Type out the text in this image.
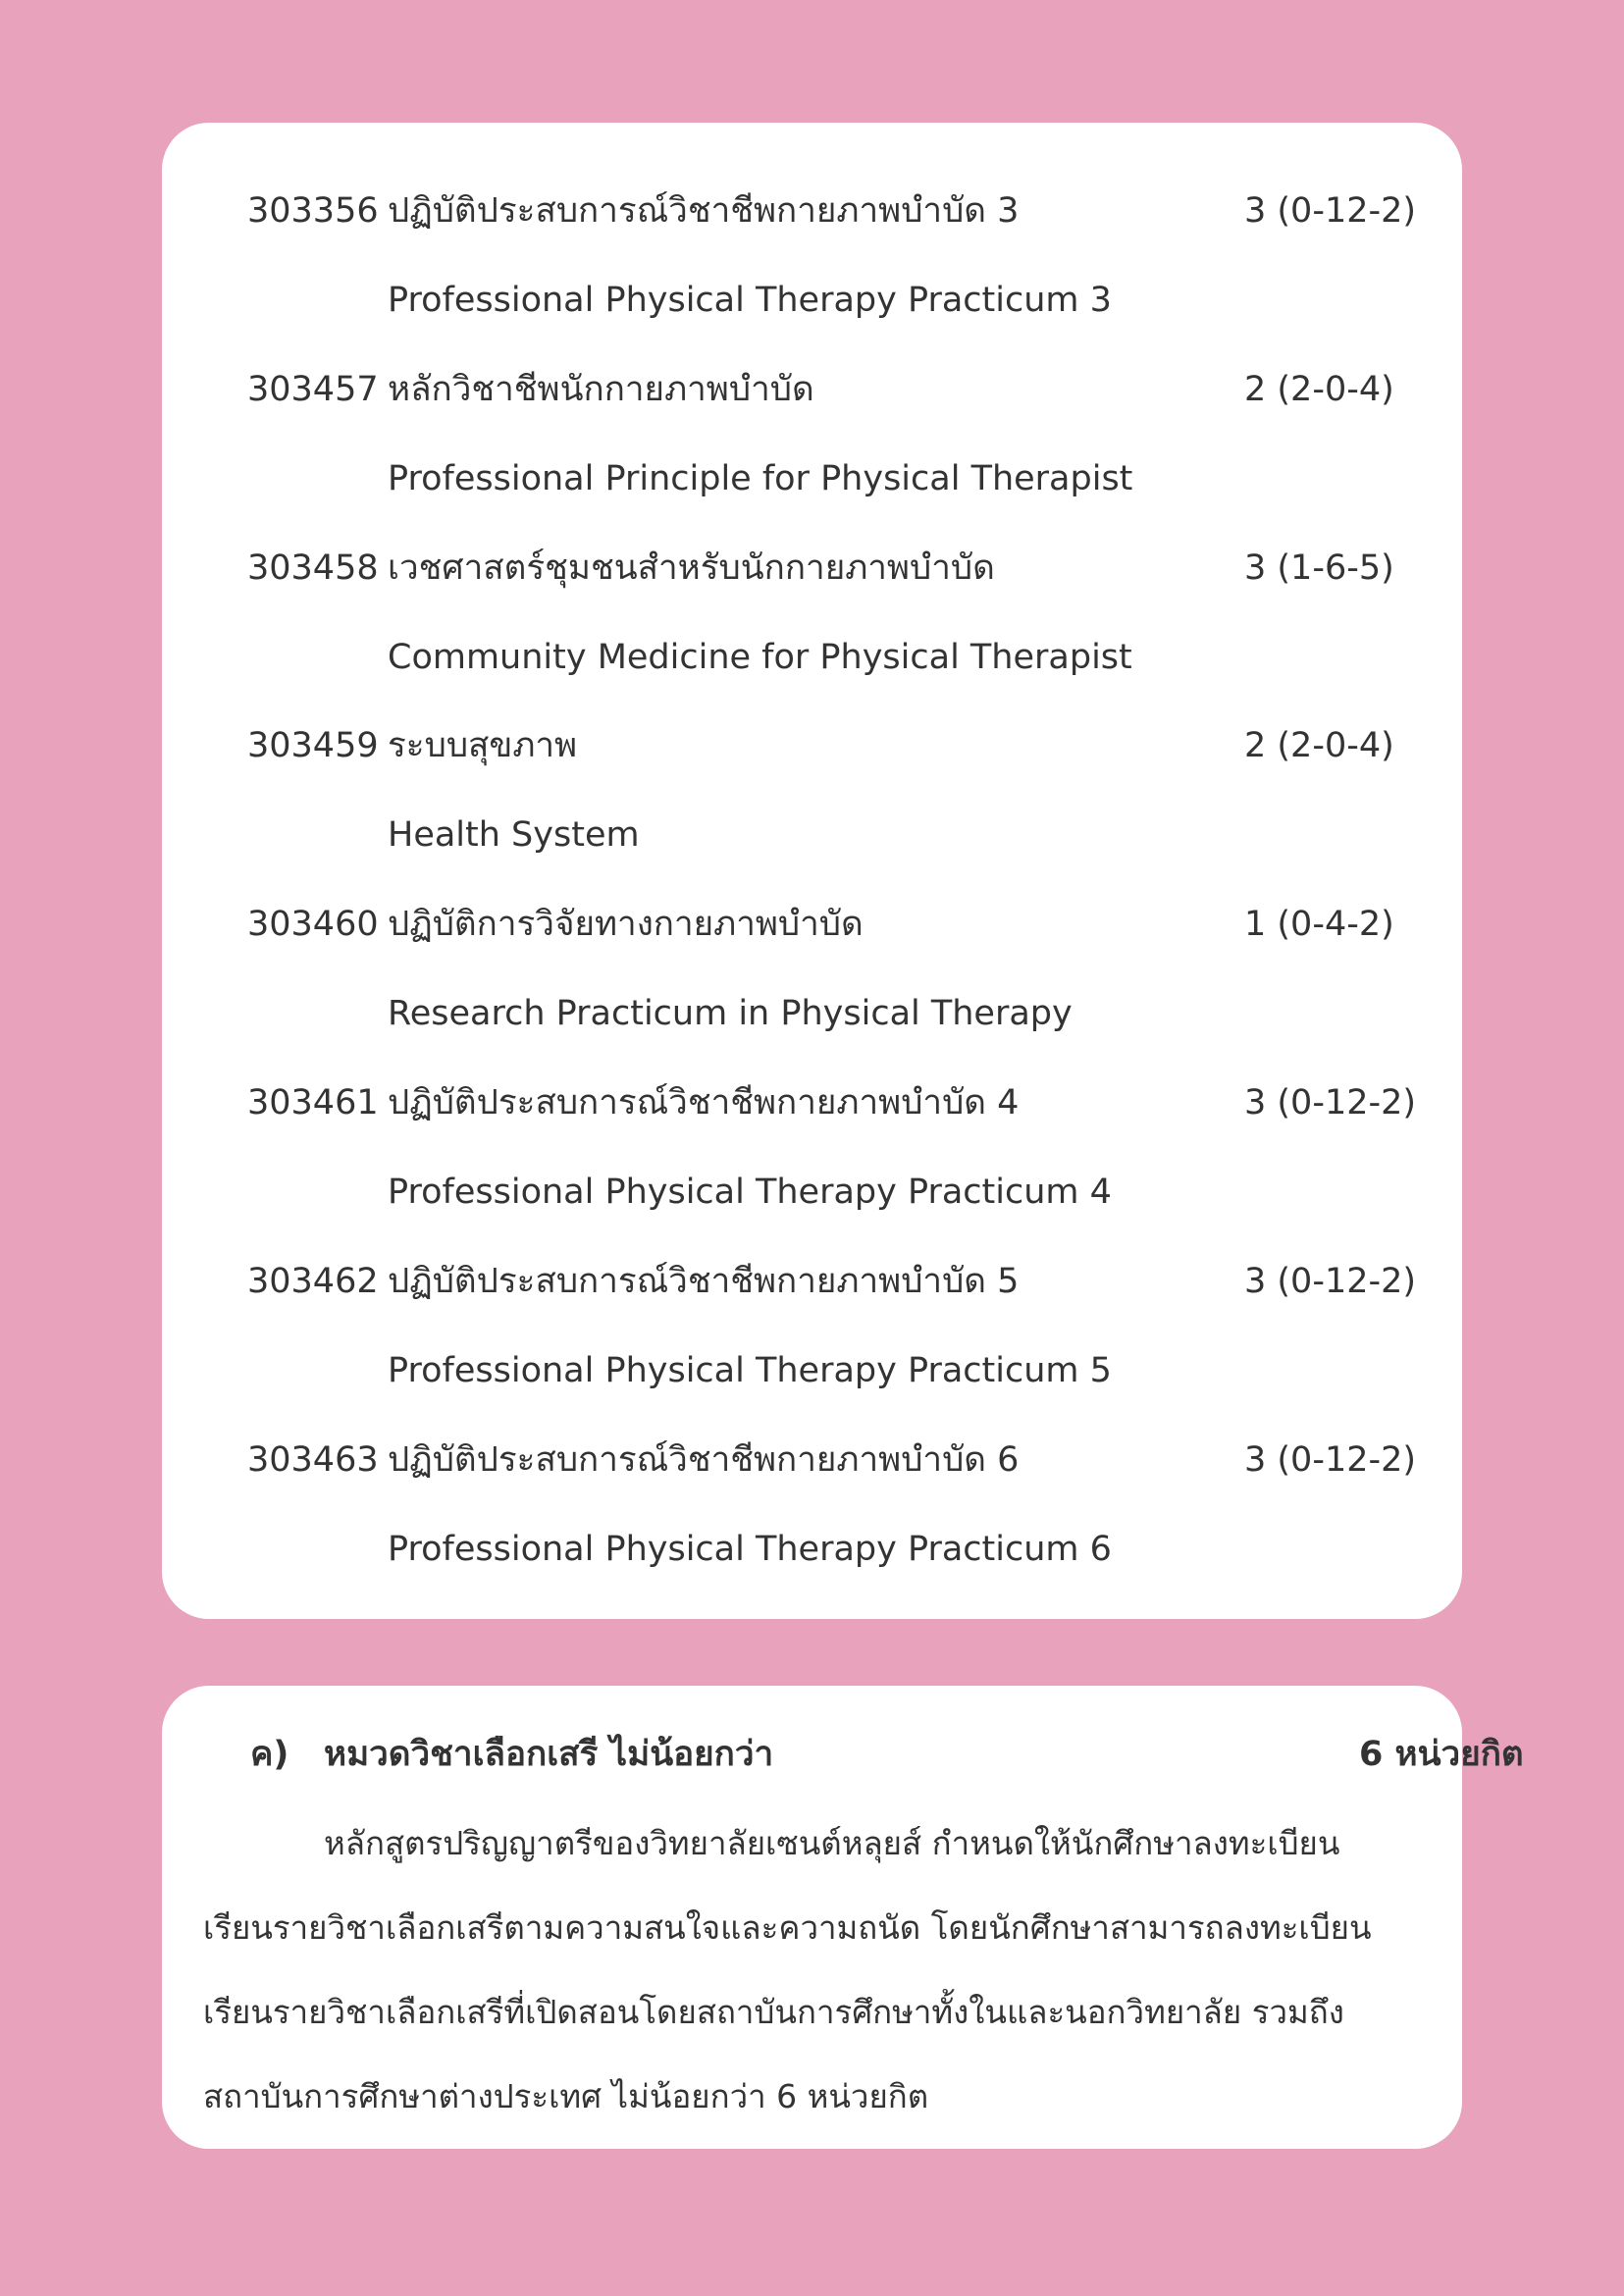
303356 ปฏิบัติประสบการณ์วิชาชีพกายภาพบำบัด 3	3 (0-12-2)
Professional Physical Therapy Practicum 3
303457 หลักวิชาชีพนักกายภาพบำบัด	2 (2-0-4)
Professional Principle for Physical Therapist
303458 เวชศาสตร์ชุมชนสำหรับนักกายภาพบำบัด	3 (1-6-5)
Community Medicine for Physical Therapist
303459 ระบบสุขภาพ	2 (2-0-4)
Health System
303460 ปฏิบัติการวิจัยทางกายภาพบำบัด	1 (0-4-2)
Research Practicum in Physical Therapy
303461 ปฏิบัติประสบการณ์วิชาชีพกายภาพบำบัด 4	3 (0-12-2)
Professional Physical Therapy Practicum 4
303462 ปฏิบัติประสบการณ์วิชาชีพกายภาพบำบัด 5	3 (0-12-2)
Professional Physical Therapy Practicum 5
303463 ปฏิบัติประสบการณ์วิชาชีพกายภาพบำบัด 6	3 (0-12-2)
Professional Physical Therapy Practicum 6
ค) หมวดวิชาเลือกเสรี ไม่น้อยกว่า	6 หน่วยกิต
หลักสูตรปริญญาตรีของวิทยาลัยเซนต์หลุยส์ กำหนดให้นักศึกษาลงทะเบียน
เรียนรายวิชาเลือกเสรีตามความสนใจและความถนัด โดยนักศึกษาสามารถลงทะเบียน
เรียนรายวิชาเลือกเสรีที่เปิดสอนโดยสถาบันการศึกษาทั้งในและนอกวิทยาลัย รวมถึง
สถาบันการศึกษาต่างประเทศ ไม่น้อยกว่า 6 หน่วยกิต
